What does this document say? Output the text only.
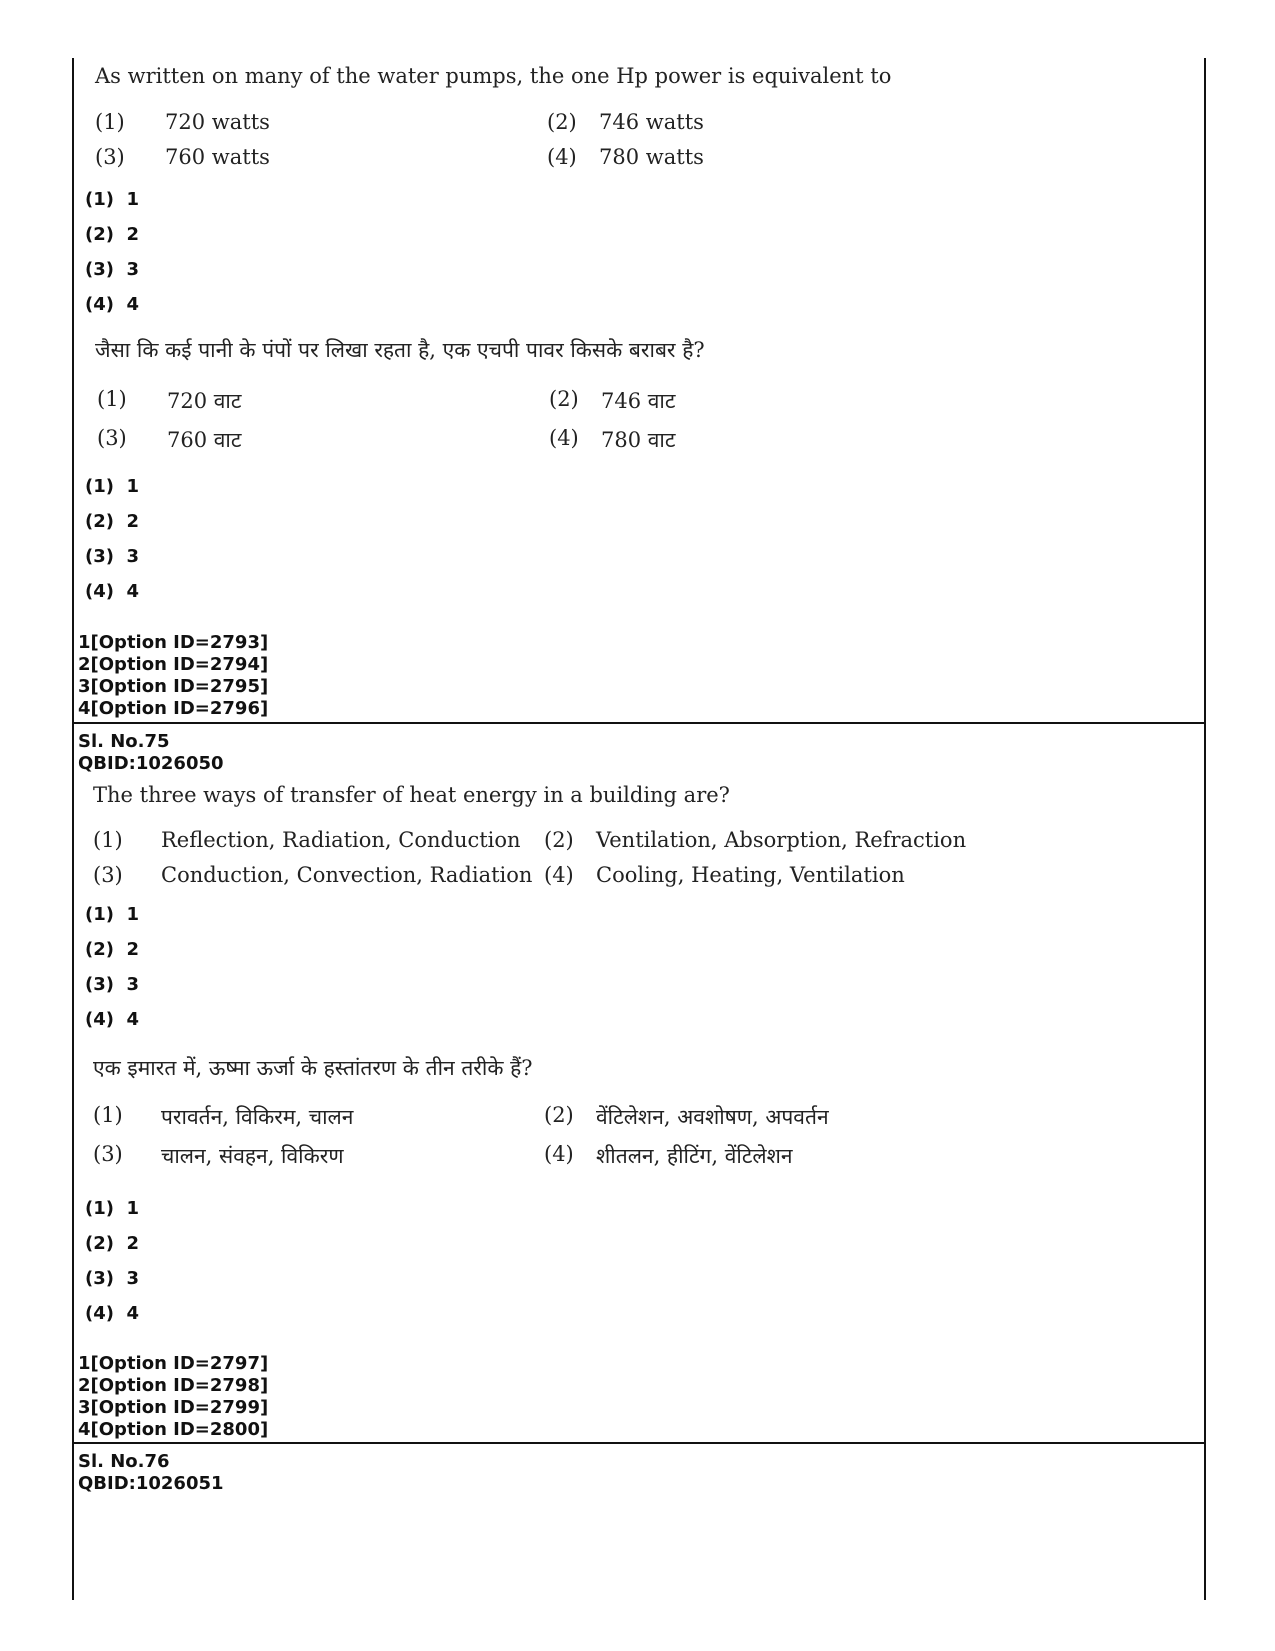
As written on many of the water pumps, the one Hp power is equivalent to
(1) 720 watts	(2) 746 watts
(3) 760 watts	(4) 780 watts
(1)  1
(2)  2
(3)  3
(4)  4
जैसा कि कई पानी के पंपों पर लिखा रहता है, एक एचपी पावर किसके बराबर है?
(1) 720 वाट	(2) 746 वाट
(3) 760 वाट	(4) 780 वाट
(1)  1
(2)  2
(3)  3
(4)  4
1[Option ID=2793]
2[Option ID=2794]
3[Option ID=2795]
4[Option ID=2796]
Sl. No.75
QBID:1026050
The three ways of transfer of heat energy in a building are?
(1) Reflection, Radiation, Conduction (2) Ventilation, Absorption, Refraction
(3) Conduction, Convection, Radiation (4) Cooling, Heating, Ventilation
(1)  1
(2)  2
(3)  3
(4)  4
एक इमारत में, ऊष्मा ऊर्जा के हस्तांतरण के तीन तरीके हैं?
(1) परावर्तन, विकिरम, चालन	(2) वेंटिलेशन, अवशोषण, अपवर्तन
(3) चालन, संवहन, विकिरण	(4) शीतलन, हीटिंग, वेंटिलेशन
(1)  1
(2)  2
(3)  3
(4)  4
1[Option ID=2797]
2[Option ID=2798]
3[Option ID=2799]
4[Option ID=2800]
Sl. No.76
QBID:1026051
